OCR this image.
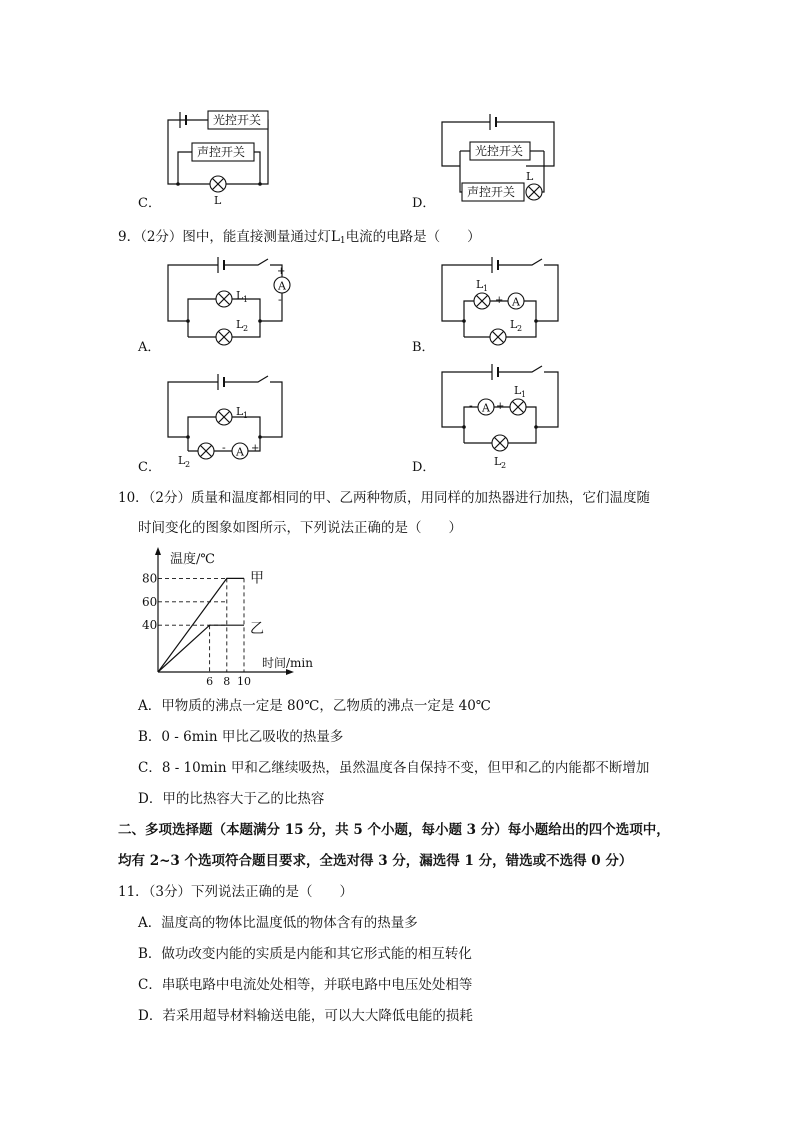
光控开关
声控开关
L
C．
光控开关
声控开关
L
D．
9．（2分）图中，能直接测量通过灯$L_1$电流的电路是（　　）
A
+
-
L 1
L 2
A．
A
+ -
L 1
L 2
B．
A
-	+
L 1
L 2
C．
A
- +
L 1
L 2
D．
10．（2分）质量和温度都相同的甲、乙两种物质，用同样的加热器进行加热，它们温度随
时间变化的图象如图所示，下列说法正确的是（　　）
温度/℃
时间/min
40
60
80
6 8 10
甲
乙
A．甲物质的沸点一定是 80℃，乙物质的沸点一定是 40℃
B．0 - 6min 甲比乙吸收的热量多
C．8 - 10min 甲和乙继续吸热，虽然温度各自保持不变，但甲和乙的内能都不断增加
D．甲的比热容大于乙的比热容
二、多项选择题（本题满分 15 分，共 5 个小题，每小题 3 分）每小题给出的四个选项中，
均有 2~3 个选项符合题目要求，全选对得 3 分，漏选得 1 分，错选或不选得 0 分）
11．（3分）下列说法正确的是（　　）
A．温度高的物体比温度低的物体含有的热量多
B．做功改变内能的实质是内能和其它形式能的相互转化
C．串联电路中电流处处相等，并联电路中电压处处相等
D．若采用超导材料输送电能，可以大大降低电能的损耗
